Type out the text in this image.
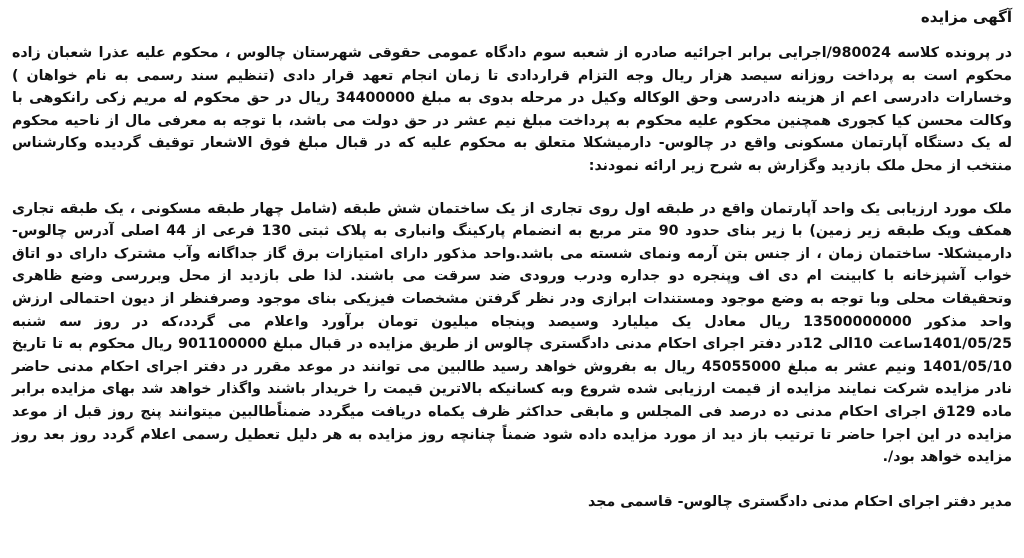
آگهی مزایده

در پرونده کلاسه 980024/اجرایی برابر اجرائیه صادره از شعبه سوم دادگاه عمومی حقوقی شهرستان چالوس ، محکوم علیه عذرا شعبان زاده محکوم است به پرداخت روزانه سیصد هزار ریال وجه التزام قراردادی تا زمان انجام تعهد قرار دادی (تنظیم سند رسمی به نام خواهان ) وخسارات دادرسی اعم از هزینه دادرسی وحق الوکاله وکیل در مرحله بدوی به مبلغ 34400000 ریال در حق محکوم له مریم زکی رانکوهی با وکالت محسن کیا کجوری همچنین محکوم علیه محکوم به پرداخت مبلغ نیم عشر در حق دولت می باشد، با توجه به معرفی مال از ناحیه محکوم له یک دستگاه آپارتمان مسکونی واقع در چالوس- دارمیشکلا متعلق به محکوم علیه که در قبال مبلغ فوق الاشعار توقیف گردیده وکارشناس منتخب از محل ملک بازدید وگزارش به شرح زیر ارائه نمودند:

ملک مورد ارزیابی یک واحد آپارتمان واقع در طبقه اول روی تجاری از یک ساختمان شش طبقه (شامل چهار طبقه مسکونی ، یک طبقه تجاری همکف ویک طبقه زیر زمین) با زیر بنای حدود 90 متر مربع به انضمام پارکینگ وانباری به پلاک ثبتی 130 فرعی از 44 اصلی آدرس چالوس-دارمیشکلا- ساختمان زمان ، از جنس بتن آرمه ونمای شسته می باشد.واحد مذکور دارای امتیازات برق گاز جداگانه وآب مشترک دارای دو اتاق خواب آشپزخانه با کابینت ام دی اف وپنجره دو جداره ودرب ورودی ضد سرقت می باشند. لذا طی بازدید از محل وبررسی وضع ظاهری وتحقیقات محلی وبا توجه به وضع موجود ومستندات ابرازی ودر نظر گرفتن مشخصات فیزیکی بنای موجود وصرفنظر از دیون احتمالی ارزش واحد مذکور 13500000000 ریال معادل یک میلیارد وسیصد وپنجاه میلیون تومان برآورد واعلام می گردد،که در روز سه شنبه 1401/05/25ساعت 10الی 12در دفتر اجرای احکام مدنی دادگستری چالوس از طریق مزایده در قبال مبلغ 901100000 ریال محکوم به تا تاریخ 1401/05/10 ونیم عشر به مبلغ 45055000 ریال به بفروش خواهد رسید طالبین می توانند در موعد مقرر در دفتر اجرای احکام مدنی حاضر نادر مزایده شرکت نمایند مزایده از قیمت ارزیابی شده شروع وبه کسانیکه بالاترین قیمت را خریدار باشند واگذار خواهد شد بهای مزایده برابر ماده 129ق اجرای احکام مدنی ده درصد فی المجلس و مابقی حداکثر ظرف یکماه دریافت میگردد ضمناًطالبین میتوانند پنج روز قبل از موعد مزایده در این اجرا حاضر تا ترتیب باز دید از مورد مزایده داده شود ضمناً چنانچه روز مزایده به هر دلیل تعطیل رسمی اعلام گردد روز بعد روز مزایده خواهد بود/.

مدیر دفتر اجرای احکام مدنی دادگستری چالوس- قاسمی مجد
